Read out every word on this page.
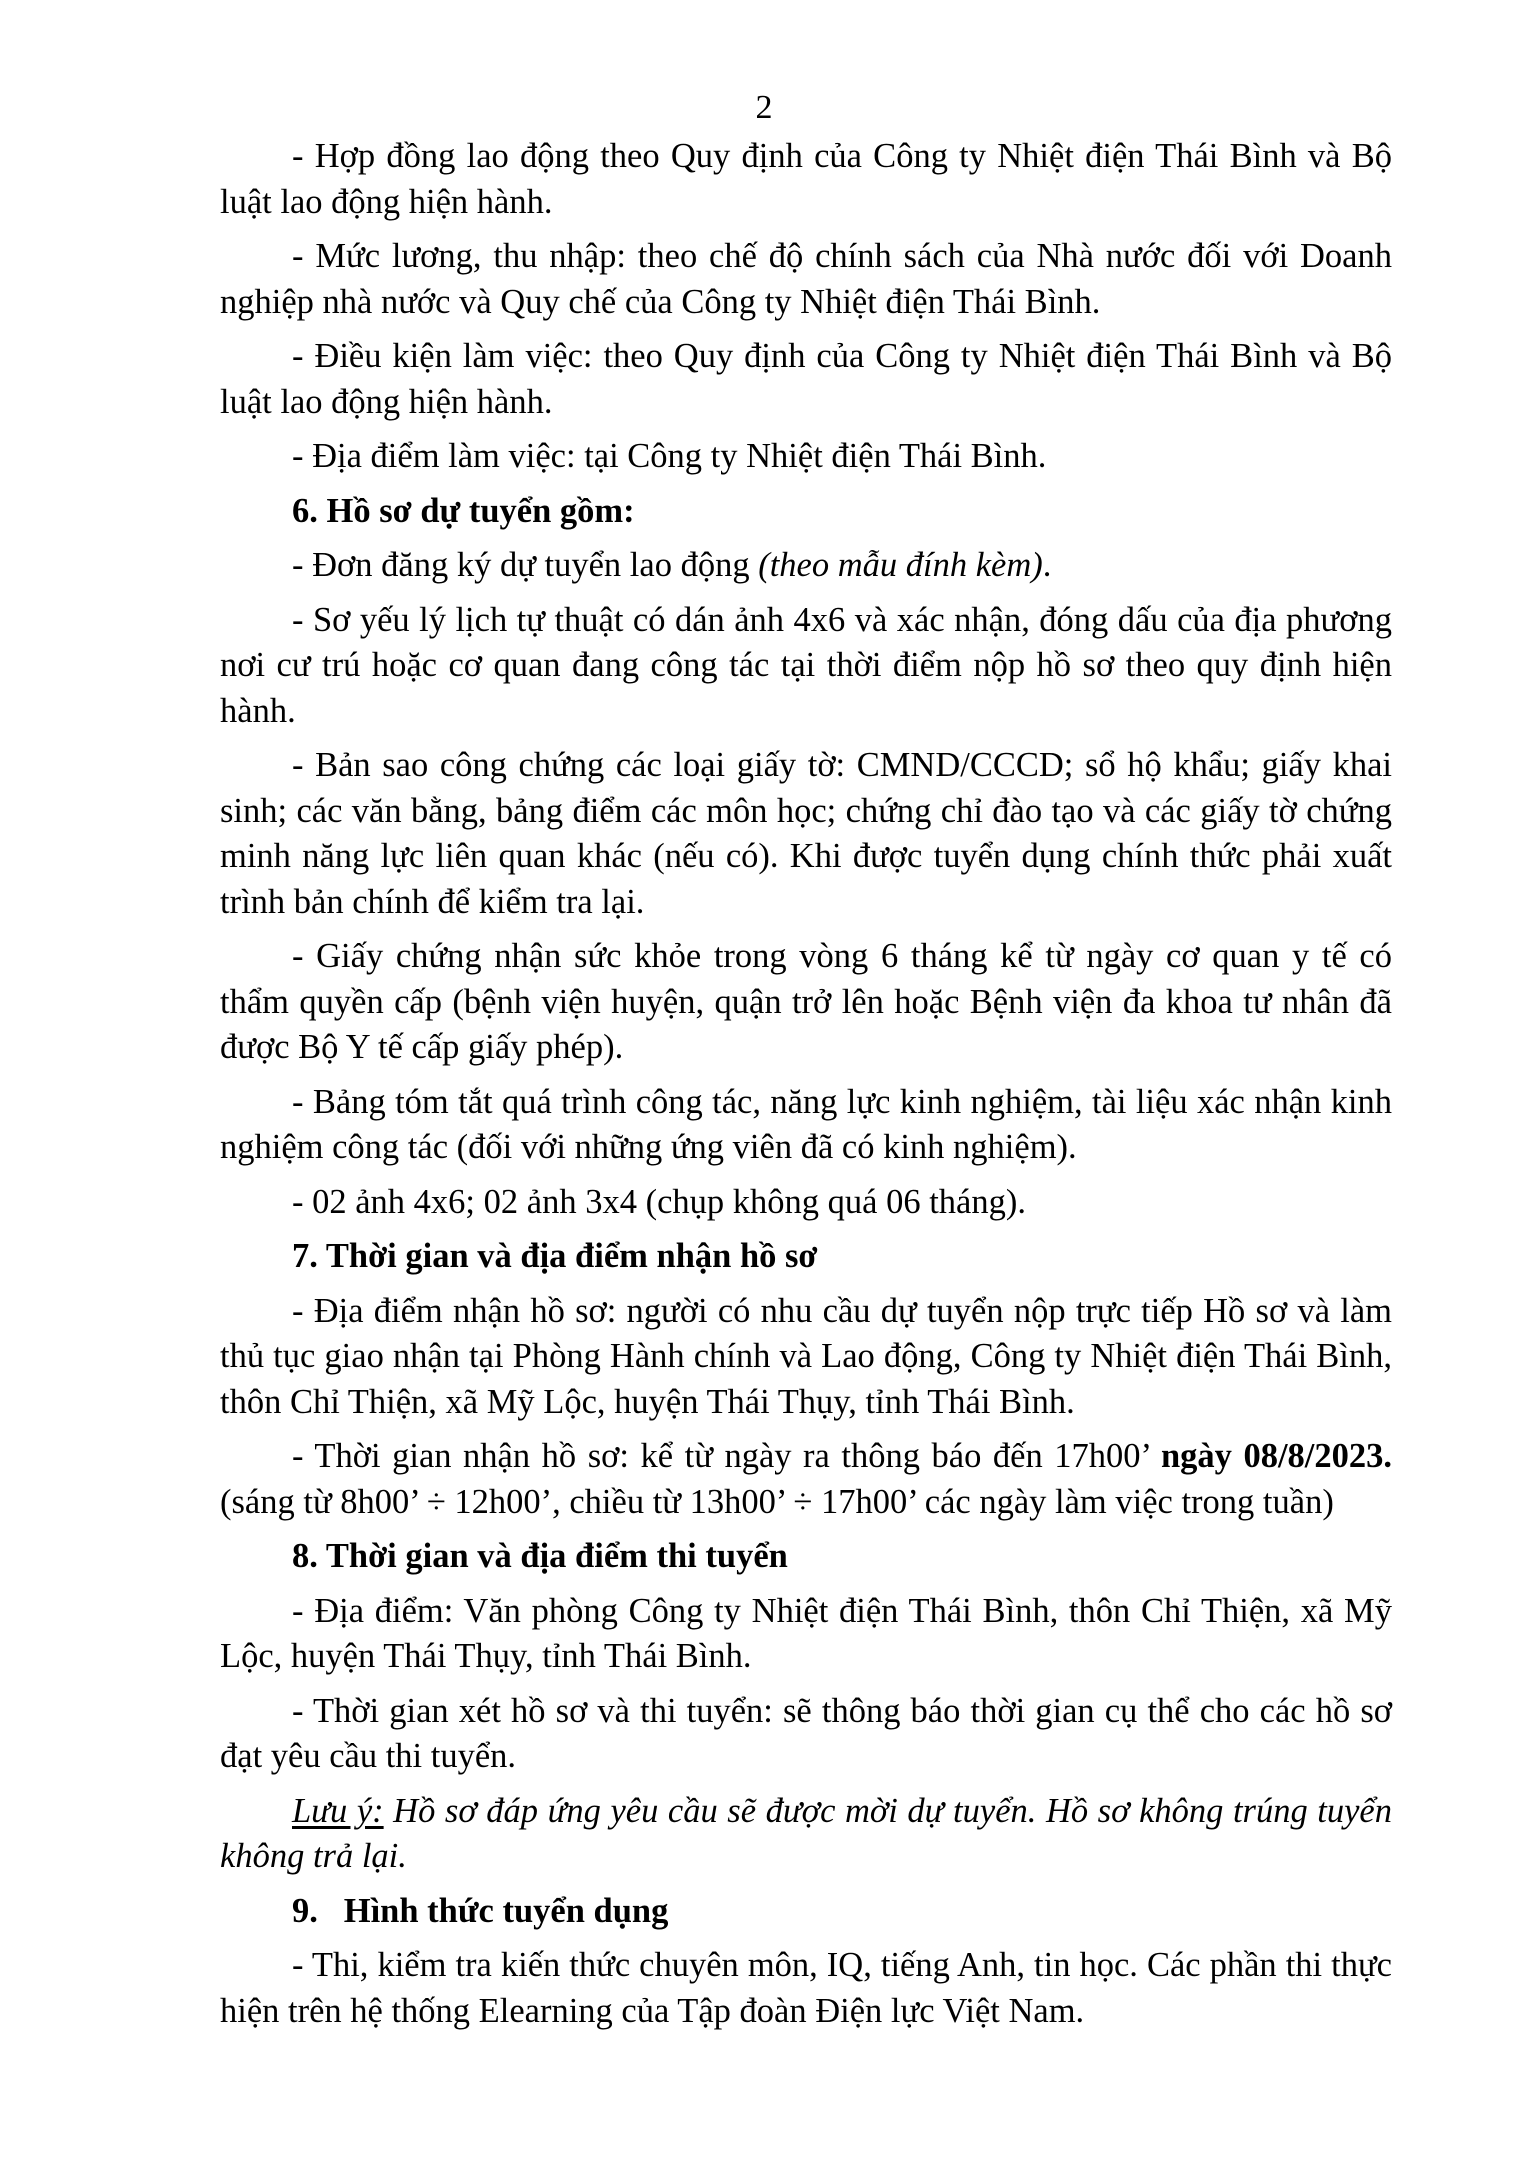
2

- Hợp đồng lao động theo Quy định của Công ty Nhiệt điện Thái Bình và Bộ luật lao động hiện hành.

- Mức lương, thu nhập: theo chế độ chính sách của Nhà nước đối với Doanh nghiệp nhà nước và Quy chế của Công ty Nhiệt điện Thái Bình.

- Điều kiện làm việc: theo Quy định của Công ty Nhiệt điện Thái Bình và Bộ luật lao động hiện hành.

- Địa điểm làm việc: tại Công ty Nhiệt điện Thái Bình.

6. Hồ sơ dự tuyển gồm:

- Đơn đăng ký dự tuyển lao động (theo mẫu đính kèm).

- Sơ yếu lý lịch tự thuật có dán ảnh 4x6 và xác nhận, đóng dấu của địa phương nơi cư trú hoặc cơ quan đang công tác tại thời điểm nộp hồ sơ theo quy định hiện hành.

- Bản sao công chứng các loại giấy tờ: CMND/CCCD; sổ hộ khẩu; giấy khai sinh; các văn bằng, bảng điểm các môn học; chứng chỉ đào tạo và các giấy tờ chứng minh năng lực liên quan khác (nếu có). Khi được tuyển dụng chính thức phải xuất trình bản chính để kiểm tra lại.

- Giấy chứng nhận sức khỏe trong vòng 6 tháng kể từ ngày cơ quan y tế có thẩm quyền cấp (bệnh viện huyện, quận trở lên hoặc Bệnh viện đa khoa tư nhân đã được Bộ Y tế cấp giấy phép).

- Bảng tóm tắt quá trình công tác, năng lực kinh nghiệm, tài liệu xác nhận kinh nghiệm công tác (đối với những ứng viên đã có kinh nghiệm).

- 02 ảnh 4x6; 02 ảnh 3x4 (chụp không quá 06 tháng).

7. Thời gian và địa điểm nhận hồ sơ

- Địa điểm nhận hồ sơ: người có nhu cầu dự tuyển nộp trực tiếp Hồ sơ và làm thủ tục giao nhận tại Phòng Hành chính và Lao động, Công ty Nhiệt điện Thái Bình, thôn Chỉ Thiện, xã Mỹ Lộc, huyện Thái Thụy, tỉnh Thái Bình.

- Thời gian nhận hồ sơ: kể từ ngày ra thông báo đến 17h00’ ngày 08/8/2023. (sáng từ 8h00’ ÷ 12h00’, chiều từ 13h00’ ÷ 17h00’ các ngày làm việc trong tuần)

8. Thời gian và địa điểm thi tuyển

- Địa điểm: Văn phòng Công ty Nhiệt điện Thái Bình, thôn Chỉ Thiện, xã Mỹ Lộc, huyện Thái Thụy, tỉnh Thái Bình.

- Thời gian xét hồ sơ và thi tuyển: sẽ thông báo thời gian cụ thể cho các hồ sơ đạt yêu cầu thi tuyển.

Lưu ý: Hồ sơ đáp ứng yêu cầu sẽ được mời dự tuyển. Hồ sơ không trúng tuyển không trả lại.

9.   Hình thức tuyển dụng

- Thi, kiểm tra kiến thức chuyên môn, IQ, tiếng Anh, tin học. Các phần thi thực hiện trên hệ thống Elearning của Tập đoàn Điện lực Việt Nam.
